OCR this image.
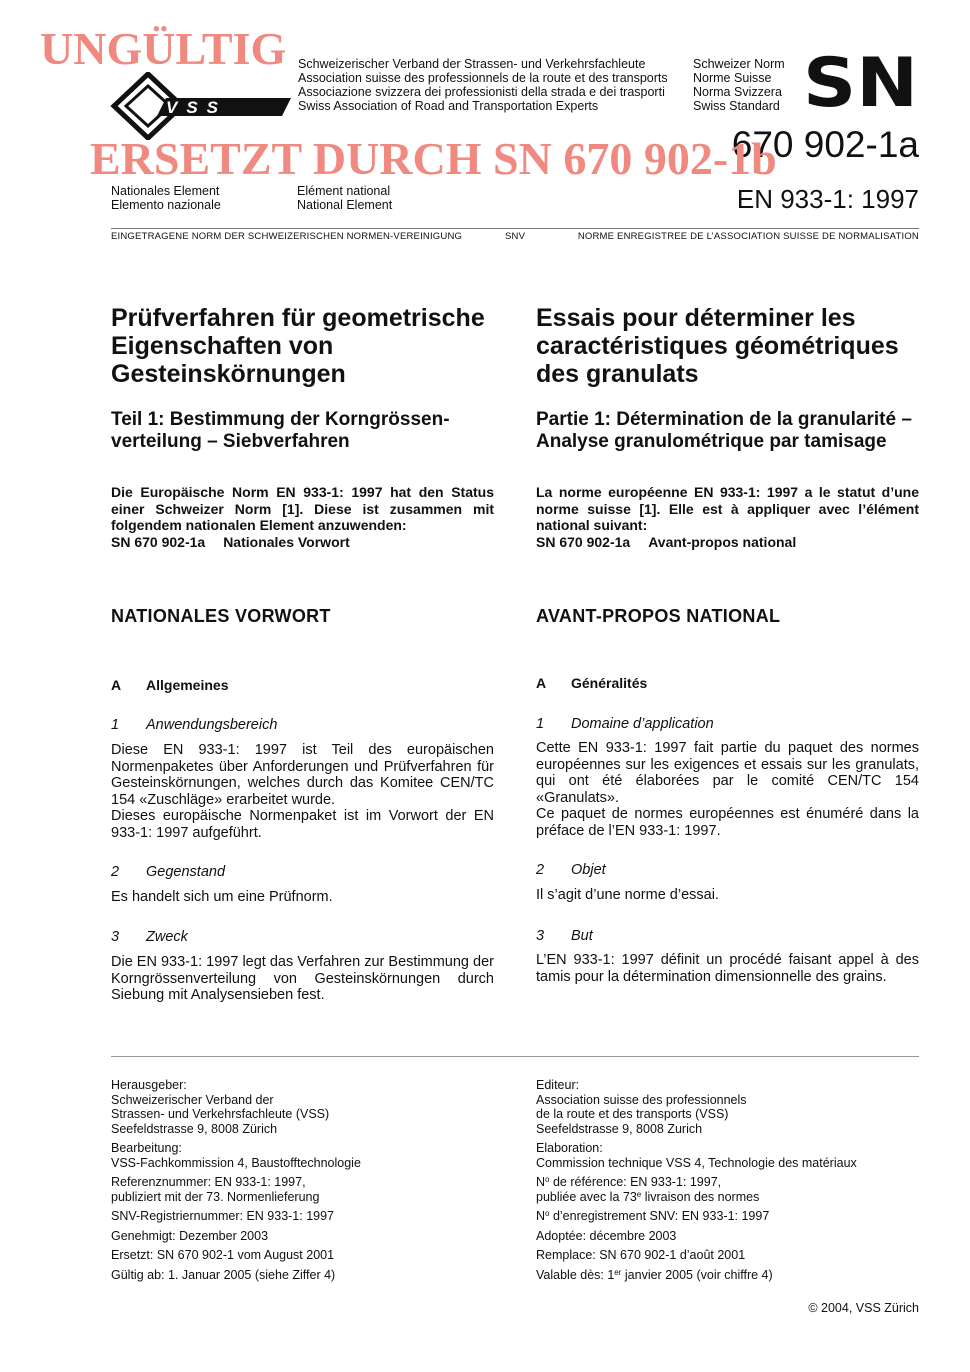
VSS
Schweizerischer Verband der Strassen- und Verkehrsfachleute
Association suisse des professionnels de la route et des transports
Associazione svizzera dei professionisti della strada e dei trasporti
Swiss Association of Road and Transportation Experts
Schweizer Norm
Norme Suisse
Norma Svizzera
Swiss Standard SN
670 902-1a
EN 933-1: 1997
Nationales Element
Elemento nazionale
Elément national
National Element
EINGETRAGENE NORM DER SCHWEIZERISCHEN NORMEN-VEREINIGUNG	SNV	NORME ENREGISTREE DE L’ASSOCIATION SUISSE DE NORMALISATION
UNGÜLTIG
ERSETZT DURCH SN 670 902-1b
Prüfverfahren für geometrische Eigenschaften von Gesteinskörnungen
Teil 1: Bestimmung der Korngrössen-verteilung – Siebverfahren
Die Europäische Norm EN 933-1: 1997 hat den Status einer Schweizer Norm [1]. Diese ist zusammen mit folgendem nationalen Element anzuwenden:
SN 670 902-1a Nationales Vorwort
NATIONALES VORWORT
A Allgemeines
1 Anwendungsbereich

Diese EN 933-1: 1997 ist Teil des europäischen Normenpaketes über Anforderungen und Prüfverfahren für Gesteinskörnungen, welches durch das Komitee CEN/TC 154 «Zuschläge» erarbeitet wurde.

Dieses europäische Normenpaket ist im Vorwort der EN 933-1: 1997 aufgeführt.

2 Gegenstand

Es handelt sich um eine Prüfnorm.

3 Zweck

Die EN 933-1: 1997 legt das Verfahren zur Bestimmung der Korngrössenverteilung von Gesteinskörnungen durch Siebung mit Analysensieben fest.

Essais pour déterminer les caractéristiques géométriques des granulats
Partie 1: Détermination de la granularité – Analyse granulométrique par tamisage
La norme européenne EN 933-1: 1997 a le statut d’une norme suisse [1]. Elle est à appliquer avec l’élément national suivant:
SN 670 902-1a Avant-propos national
AVANT-PROPOS NATIONAL
A Généralités
1 Domaine d’application

Cette EN 933-1: 1997 fait partie du paquet des normes européennes sur les exigences et essais sur les granulats, qui ont été élaborées par le comité CEN/TC 154 «Granulats».

Ce paquet de normes européennes est énuméré dans la préface de l’EN 933-1: 1997.

2 Objet

Il s’agit d’une norme d’essai.

3 But

L’EN 933-1: 1997 définit un procédé faisant appel à des tamis pour la détermination dimensionnelle des grains.

Herausgeber:
Schweizerischer Verband der
Strassen- und Verkehrsfachleute (VSS)
Seefeldstrasse 9, 8008 Zürich
Bearbeitung:
VSS-Fachkommission 4, Baustofftechnologie
Referenznummer: EN 933-1: 1997,
publiziert mit der 73. Normenlieferung
SNV-Registriernummer: EN 933-1: 1997
Genehmigt: Dezember 2003
Ersetzt: SN 670 902-1 vom August 2001
Gültig ab: 1. Januar 2005 (siehe Ziffer 4)
Editeur:
Association suisse des professionnels
de la route et des transports (VSS)
Seefeldstrasse 9, 8008 Zurich
Elaboration:
Commission technique VSS 4, Technologie des matériaux
$N^o$ de référence: EN 933-1: 1997,
publiée avec la 73e livraison des normes
$N^o$ d’enregistrement SNV: EN 933-1: 1997
Adoptée: décembre 2003
Remplace: SN 670 902-1 d’août 2001
Valable dès: 1er janvier 2005 (voir chiffre 4)
© 2004, VSS Zürich
